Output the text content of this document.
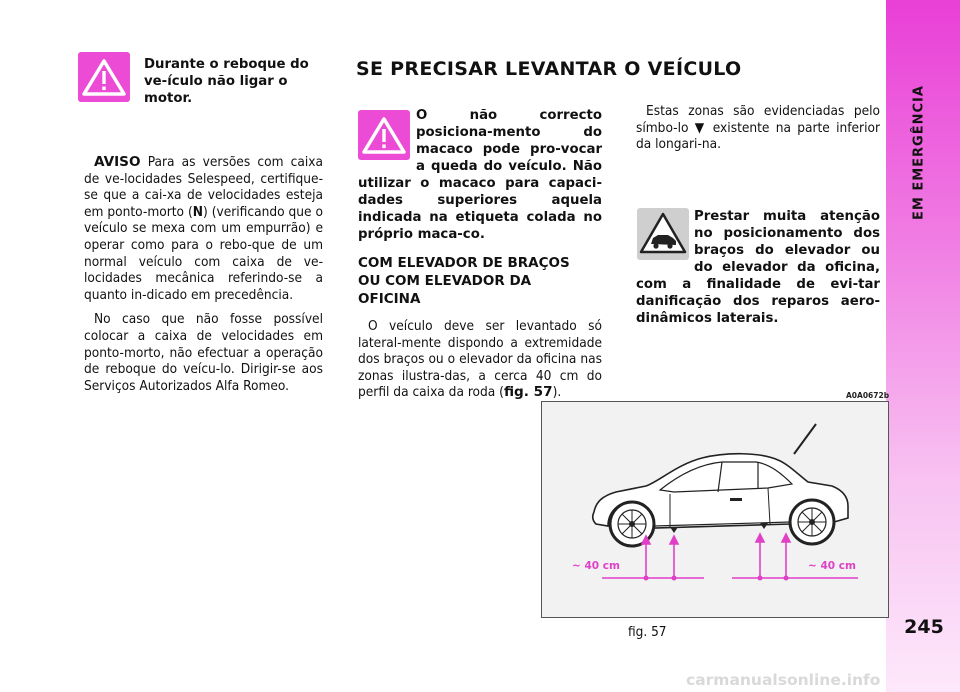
EM EMERGÊNCIA
245
Durante o reboque do ve-ículo não ligar o motor.

AVISO Para as versões com caixa de ve-locidades Selespeed, certifique-se que a cai-xa de velocidades esteja em ponto-morto (N) (verificando que o veículo se mexa com um empurrão) e operar como para o rebo-que de um normal veículo com caixa de ve-locidades mecânica referindo-se a quanto in-dicado em precedência.

No caso que não fosse possível colocar a caixa de velocidades em ponto-morto, não efectuar a operação de reboque do veícu-lo. Dirigir-se aos Serviços Autorizados Alfa Romeo.

SE PRECISAR LEVANTAR O VEÍCULO
O não correcto posiciona-mento do macaco pode pro-vocar a queda do veículo. Não utilizar o macaco para capaci-dades superiores aquela indicada na etiqueta colada no próprio maca-co.
COM ELEVADOR DE BRAÇOS OU COM ELEVADOR DA OFICINA
O veículo deve ser levantado só lateral-mente dispondo a extremidade dos braços ou o elevador da oficina nas zonas ilustra-das, a cerca 40 cm do perfil da caixa da roda (fig. 57).
Estas zonas são evidenciadas pelo símbo-lo ▼ existente na parte inferior da longari-na.
Prestar muita atenção no posicionamento dos braços do elevador ou do elevador da oficina, com a finalidade de evi-tar danificação dos reparos aero-dinâmicos laterais.
A0A0672b
~ 40 cm	~ 40 cm
fig. 57
carmanualsonline.info
